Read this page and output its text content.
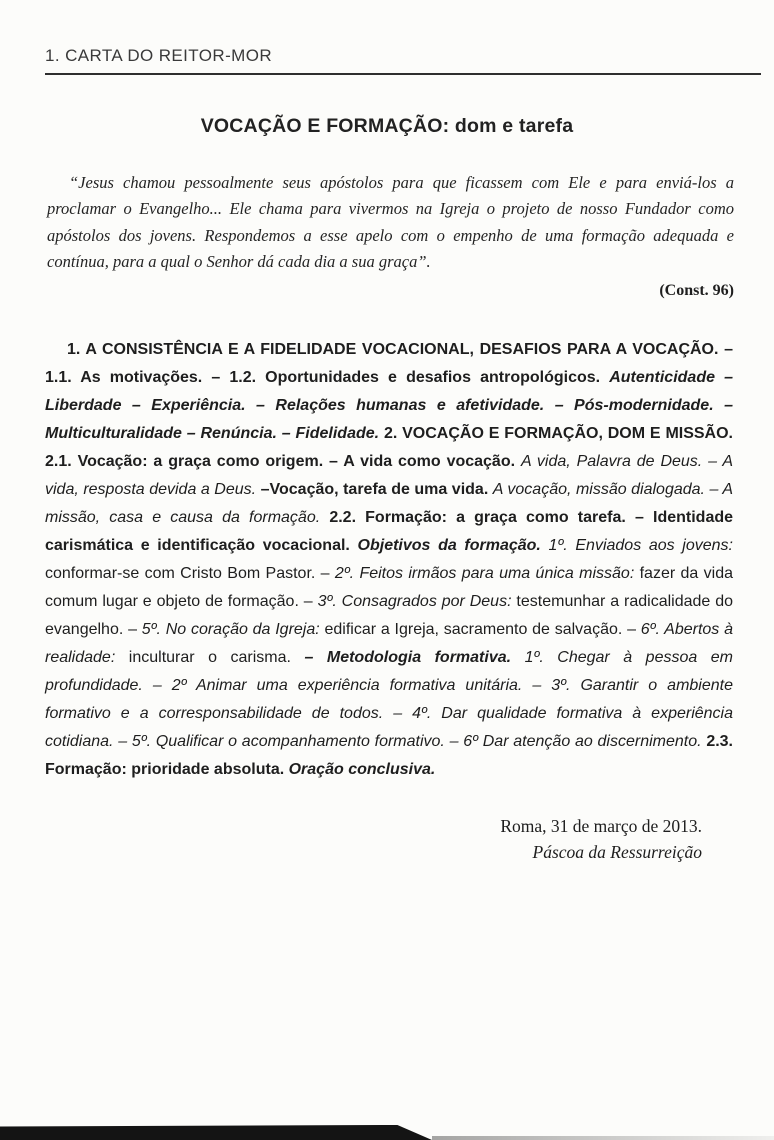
1. CARTA DO REITOR-MOR
VOCAÇÃO E FORMAÇÃO: dom e tarefa

“Jesus chamou pessoalmente seus apóstolos para que ficassem com Ele e para enviá-los a proclamar o Evangelho... Ele chama para vivermos na Igreja o projeto de nosso Fundador como apóstolos dos jovens. Respondemos a esse apelo com o empenho de uma formação adequada e contínua, para a qual o Senhor dá cada dia a sua graça”.

(Const. 96)

1. A CONSISTÊNCIA E A FIDELIDADE VOCACIONAL, DESAFIOS PARA A VOCAÇÃO. – 1.1. As motivações. – 1.2. Oportunidades e desafios antropológicos. Autenticidade – Liberdade – Experiência. – Relações humanas e afetividade. – Pós-modernidade. – Multiculturalidade – Renúncia. – Fidelidade. 2. VOCAÇÃO E FORMAÇÃO, DOM E MISSÃO. 2.1. Vocação: a graça como origem. – A vida como vocação. A vida, Palavra de Deus. – A vida, resposta devida a Deus. –Vocação, tarefa de uma vida. A vocação, missão dialogada. – A missão, casa e causa da formação. 2.2. Formação: a graça como tarefa. – Identidade carismática e identificação vocacional. Objetivos da formação. 1º. Enviados aos jovens: conformar-se com Cristo Bom Pastor. – 2º. Feitos irmãos para uma única missão: fazer da vida comum lugar e objeto de formação. – 3º. Consagrados por Deus: testemunhar a radicalidade do evangelho. – 5º. No coração da Igreja: edificar a Igreja, sacramento de salvação. – 6º. Abertos à realidade: inculturar o carisma. – Metodologia formativa. 1º. Chegar à pessoa em profundidade. – 2º Animar uma experiência formativa unitária. – 3º. Garantir o ambiente formativo e a corresponsabilidade de todos. – 4º. Dar qualidade formativa à experiência cotidiana. – 5º. Qualificar o acompanhamento formativo. – 6º Dar atenção ao discernimento. 2.3. Formação: prioridade absoluta. Oração conclusiva.

Roma, 31 de março de 2013.
Páscoa da Ressurreição
